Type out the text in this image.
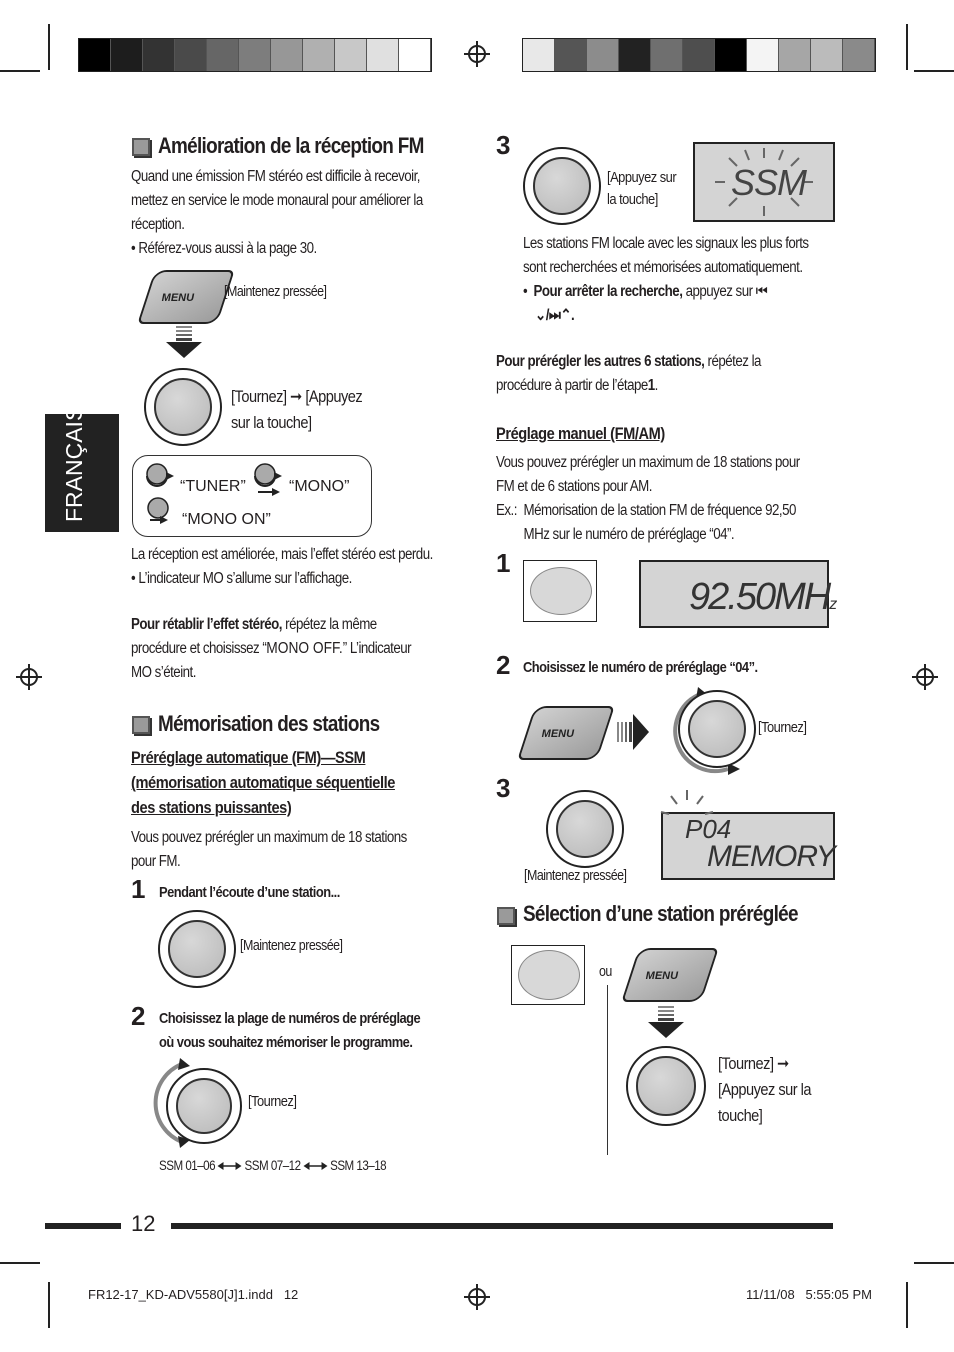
FRANÇAIS
Amélioration de la réception FM
Quand une émission FM stéréo est difficile à recevoir,
mettez en service le mode monaural pour améliorer la
réception.
• Référez-vous aussi à la page 30.
MENU [Maintenez pressée]
[Tournez] ➞ [Appuyez
sur la touche]
“TUNER”	“MONO”
“MONO ON”
La réception est améliorée, mais l’effet stéréo est perdu.
• L’indicateur MO s’allume sur l’affichage.
Pour rétablir l’effet stéréo, répétez la même
procédure et choisissez “MONO OFF.” L’indicateur
MO s’éteint.
Mémorisation des stations
Préréglage automatique (FM)—SSM
(mémorisation automatique séquentielle
des stations puissantes)
Vous pouvez prérégler un maximum de 18 stations
pour FM.
1 Pendant l’écoute d’une station...
[Maintenez pressée]
2 Choisissez la plage de numéros de préréglage
où vous souhaitez mémoriser le programme.
[Tournez]
SSM 01–06 SSM 07–12 SSM 13–18
3
[Appuyez sur
la touche]	SSM
Les stations FM locale avec les signaux les plus forts
sont recherchées et mémorisées automatiquement.
•  Pour arrêter la recherche, appuyez sur ⏮
⌄/⏭⌃.
Pour prérégler les autres 6 stations, répétez la
procédure à partir de l’étape1.
Préglage manuel (FM/AM)
Vous pouvez prérégler un maximum de 18 stations pour
FM et de 6 stations pour AM.
Ex.: Mémorisation de la station FM de fréquence 92,50
MHz sur le numéro de préréglage “04”.
1
92.50MHz
2 Choisissez le numéro de préréglage “04”.
MENU	[Tournez]
3
[Maintenez pressée]
P04
MEMORY
Sélection d’une station préréglée
ou	MENU
[Tournez] ➞
[Appuyez sur la
touche]
12
FR12-17_KD-ADV5580[J]1.indd   12	11/11/08   5:55:05 PM
